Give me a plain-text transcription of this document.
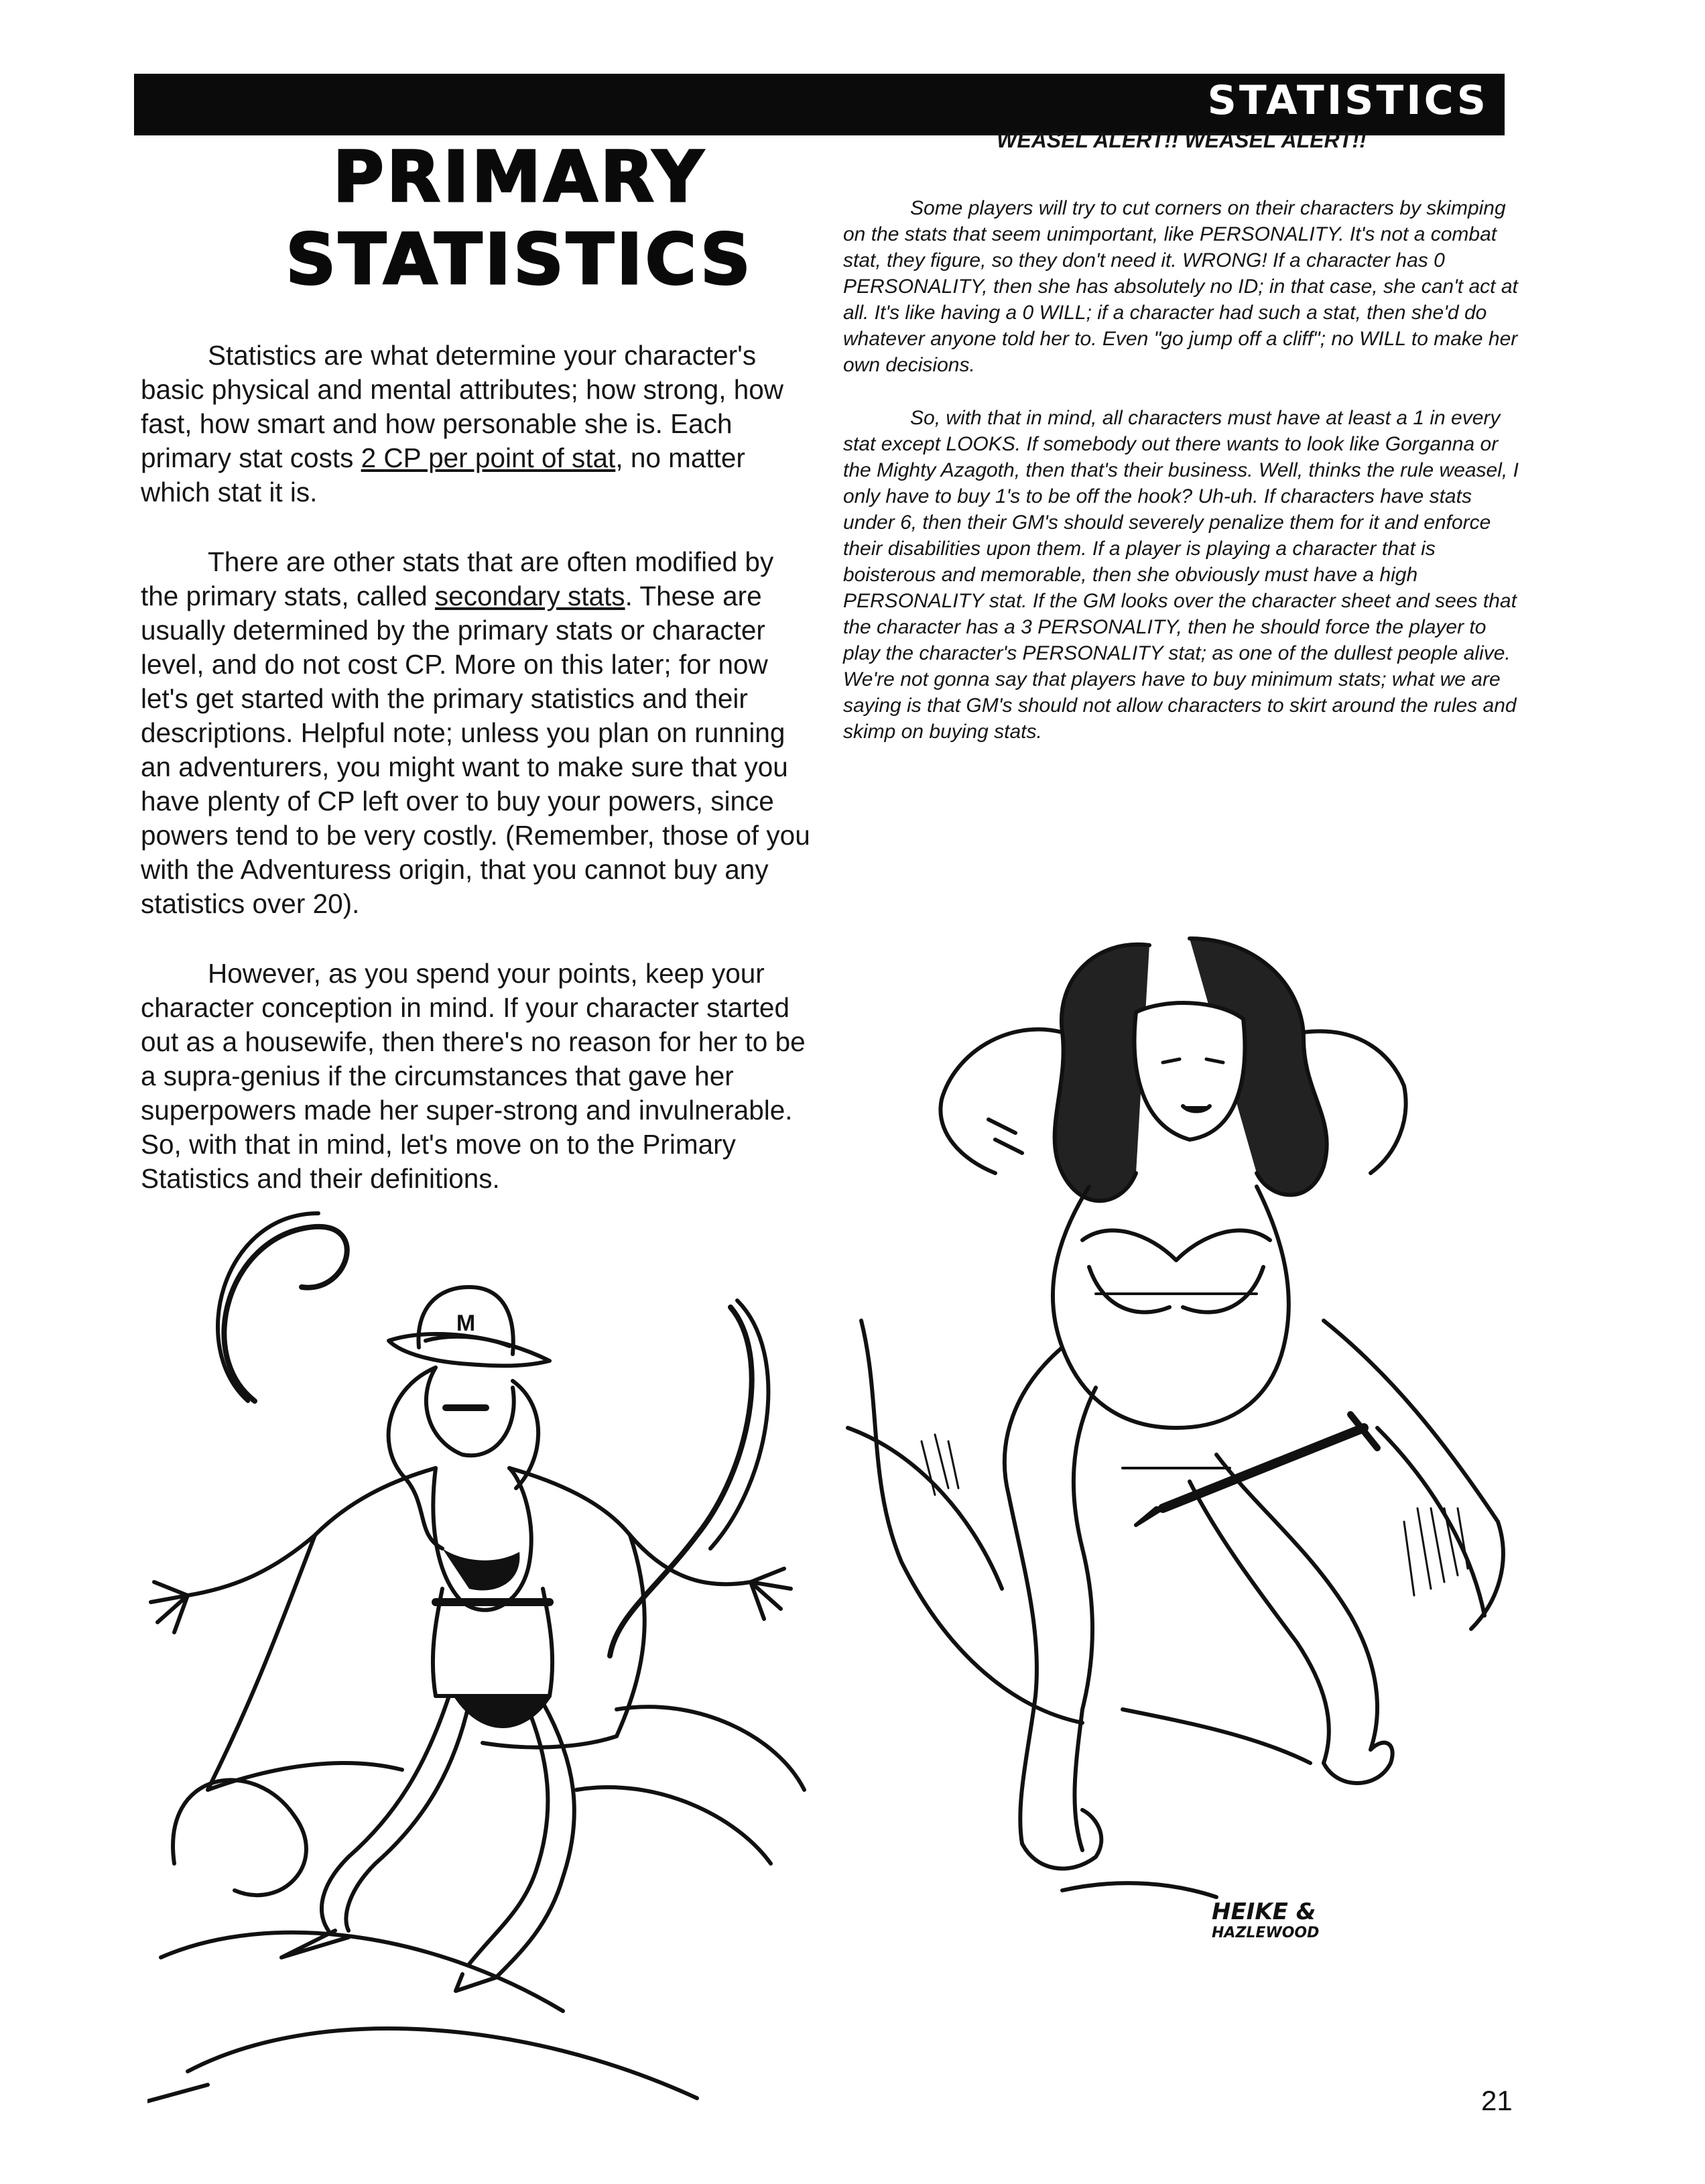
STATISTICS
PRIMARY
STATISTICS

Statistics are what determine your character's basic physical and mental attributes; how strong, how fast, how smart and how personable she is. Each primary stat costs 2 CP per point of stat, no matter which stat it is.

There are other stats that are often modified by the primary stats, called secondary stats. These are usually determined by the primary stats or character level, and do not cost CP. More on this later; for now let's get started with the primary statistics and their descriptions. Helpful note; unless you plan on running an adventurers, you might want to make sure that you have plenty of CP left over to buy your powers, since powers tend to be very costly. (Remember, those of you with the Adventuress origin, that you cannot buy any statistics over 20).

However, as you spend your points, keep your character conception in mind. If your character started out as a housewife, then there's no reason for her to be a supra-genius if the circumstances that gave her superpowers made her super-strong and invulnerable. So, with that in mind, let's move on to the Primary Statistics and their definitions.

WEASEL ALERT!! WEASEL ALERT!!

Some players will try to cut corners on their characters by skimping on the stats that seem unimportant, like PERSONALITY. It's not a combat stat, they figure, so they don't need it. WRONG! If a character has 0 PERSONALITY, then she has absolutely no ID; in that case, she can't act at all. It's like having a 0 WILL; if a character had such a stat, then she'd do whatever anyone told her to. Even "go jump off a cliff"; no WILL to make her own decisions.

So, with that in mind, all characters must have at least a 1 in every stat except LOOKS. If somebody out there wants to look like Gorganna or the Mighty Azagoth, then that's their business. Well, thinks the rule weasel, I only have to buy 1's to be off the hook? Uh-uh. If characters have stats under 6, then their GM's should severely penalize them for it and enforce their disabilities upon them. If a player is playing a character that is boisterous and memorable, then she obviously must have a high PERSONALITY stat. If the GM looks over the character sheet and sees that the character has a 3 PERSONALITY, then he should force the player to play the character's PERSONALITY stat; as one of the dullest people alive. We're not gonna say that players have to buy minimum stats; what we are saying is that GM's should not allow characters to skirt around the rules and skimp on buying stats.

M
HEIKE &
HAZLEWOOD
21
